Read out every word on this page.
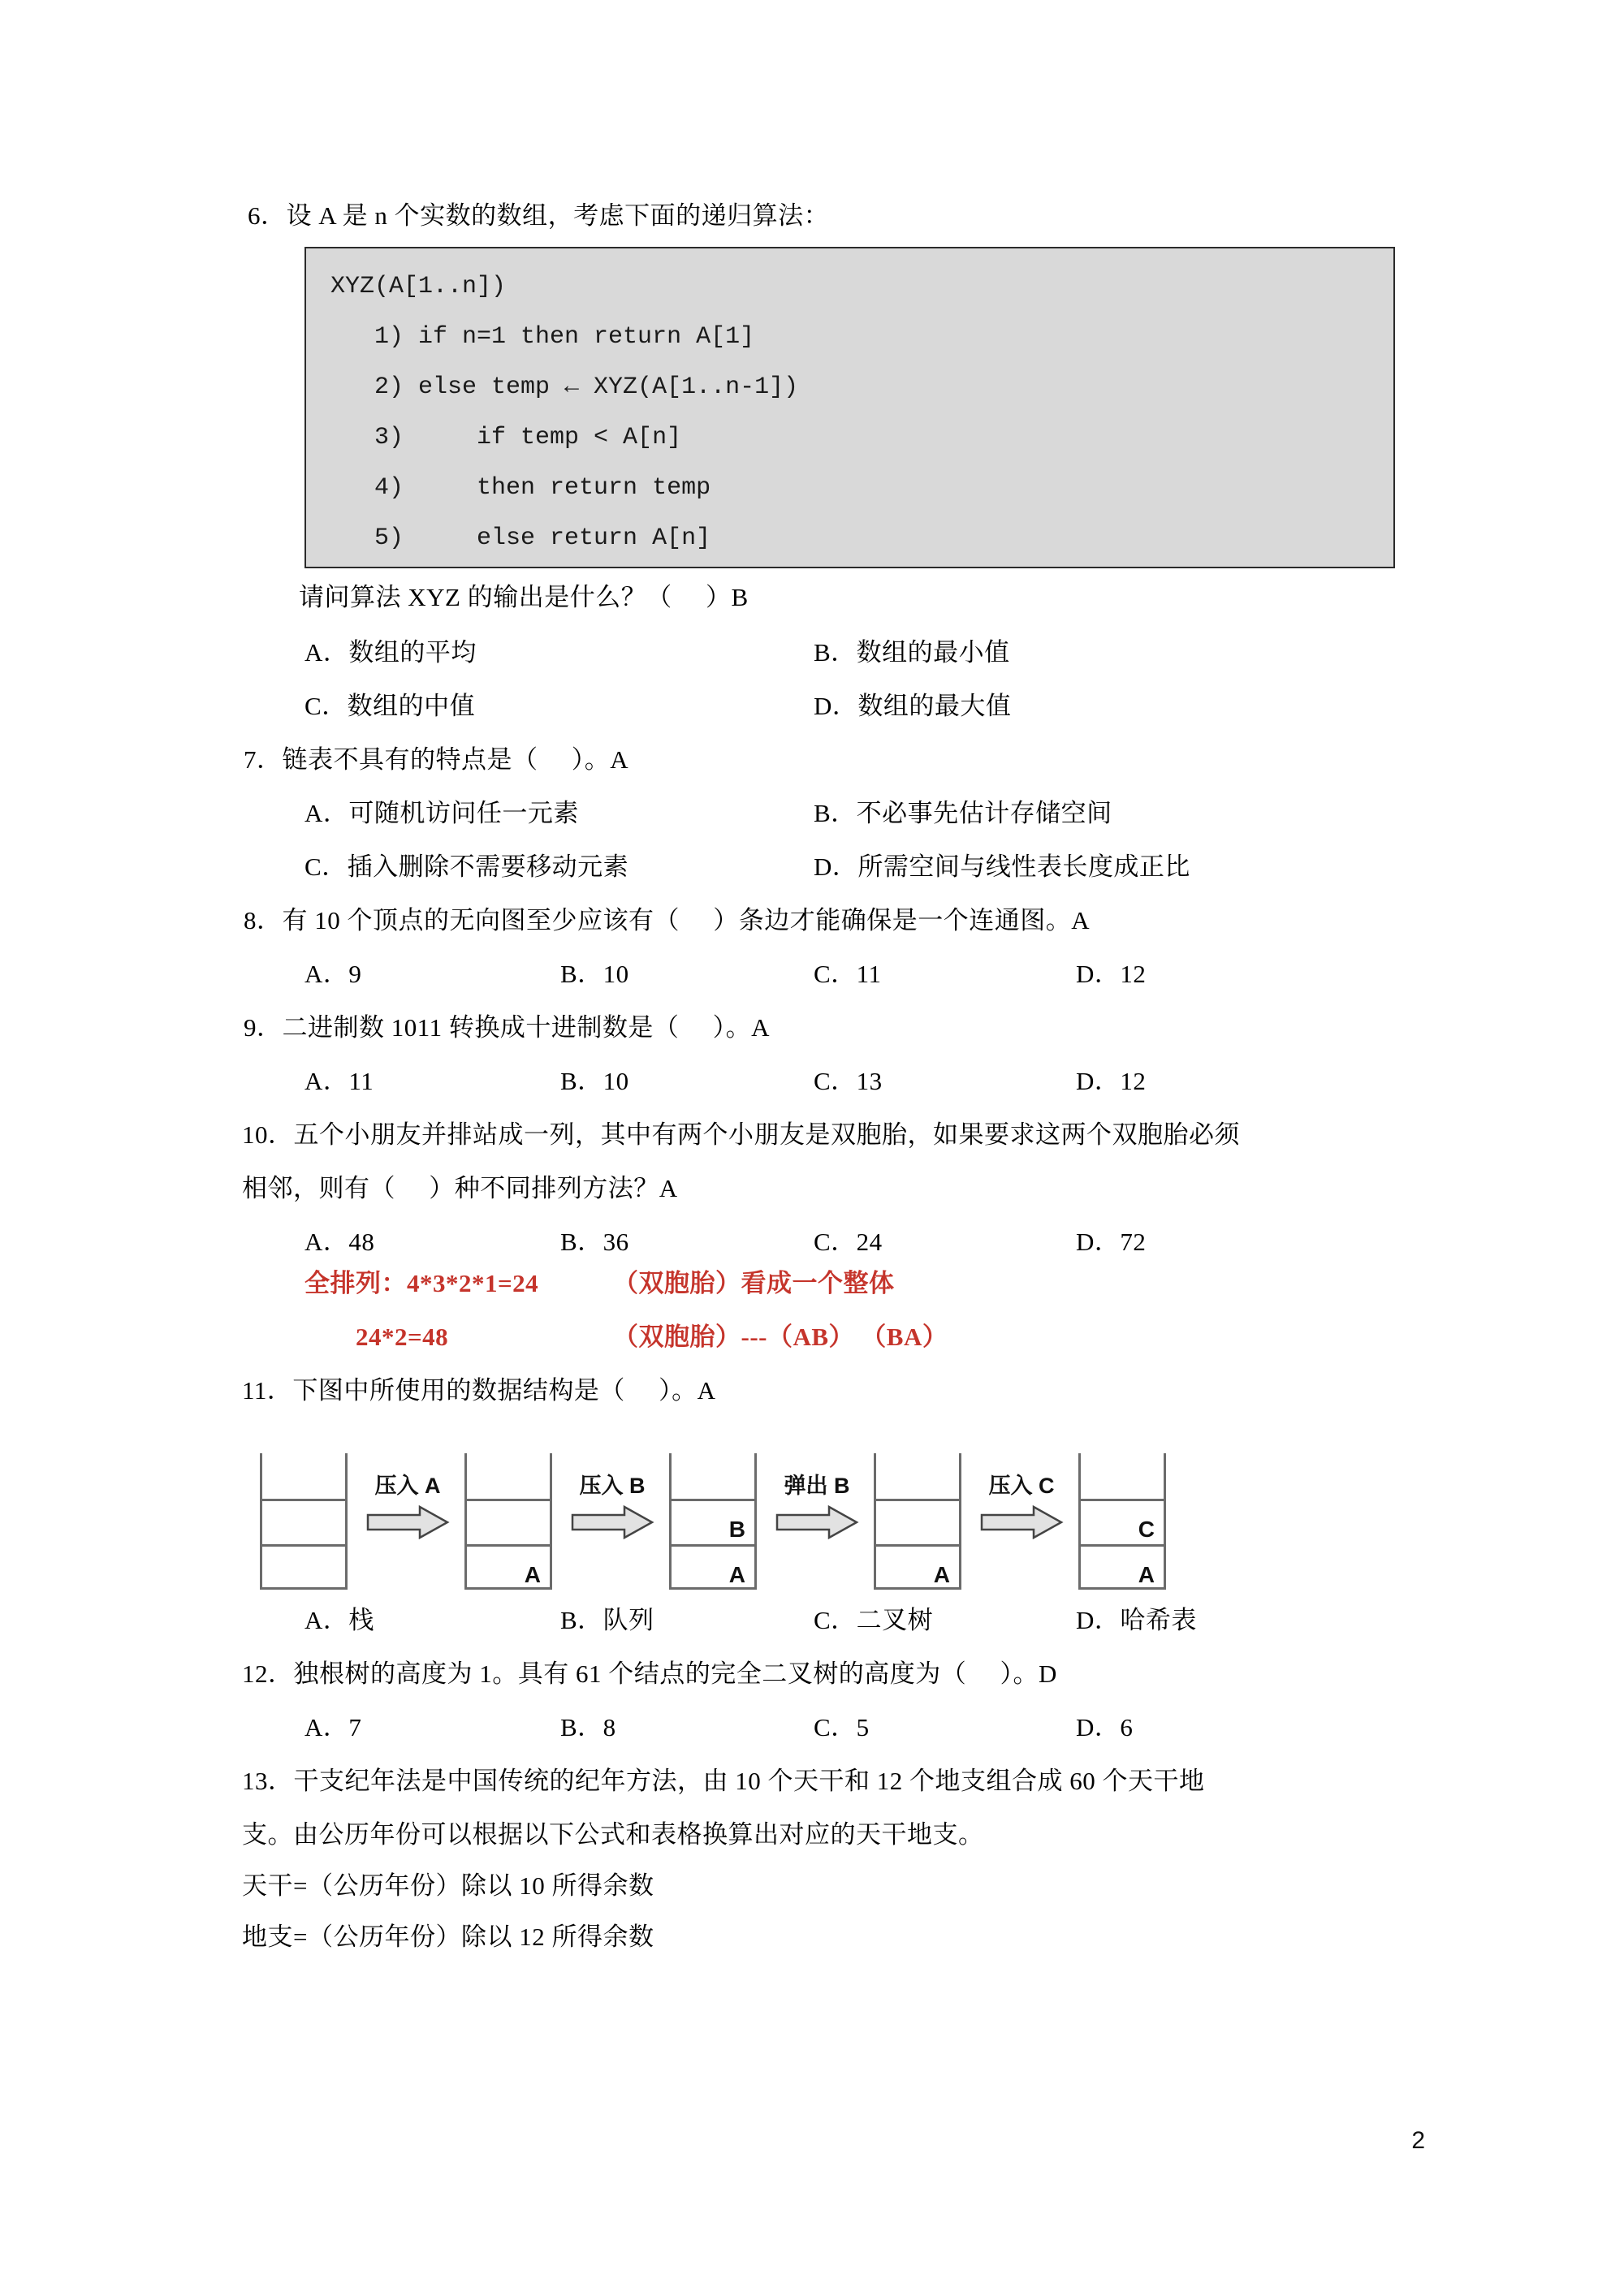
6．设 A 是 n 个实数的数组，考虑下面的递归算法：
XYZ(A[1..n])
1) if n=1 then return A[1]
2) else temp ← XYZ(A[1..n-1])
3)     if temp < A[n]
4)     then return temp
5)     else return A[n]
请问算法 XYZ 的输出是什么？（     ）B
A．数组的平均	B．数组的最小值
C．数组的中值	D．数组的最大值
7．链表不具有的特点是（     ）。A
A．可随机访问任一元素	B．不必事先估计存储空间
C．插入删除不需要移动元素	D．所需空间与线性表长度成正比
8．有 10 个顶点的无向图至少应该有（     ）条边才能确保是一个连通图。A
A．9	B．10	C．11	D．12
9．二进制数 1011 转换成十进制数是（     ）。A
A．11	B．10	C．13	D．12
10．五个小朋友并排站成一列，其中有两个小朋友是双胞胎，如果要求这两个双胞胎必须
相邻，则有（     ）种不同排列方法？A
A．48	B．36	C．24	D．72
全排列：4*3*2*1=24	（双胞胎）看成一个整体
24*2=48	（双胞胎）---（AB） （BA）
11．下图中所使用的数据结构是（     ）。A
压入 A
A
压入 B
B
A
弹出 B
A
压入 C
C
A
A．栈	B．队列	C．二叉树	D．哈希表
12．独根树的高度为 1。具有 61 个结点的完全二叉树的高度为（     ）。D
A．7	B．8	C．5	D．6
13．干支纪年法是中国传统的纪年方法，由 10 个天干和 12 个地支组合成 60 个天干地
支。由公历年份可以根据以下公式和表格换算出对应的天干地支。
天干=（公历年份）除以 10 所得余数
地支=（公历年份）除以 12 所得余数
2
